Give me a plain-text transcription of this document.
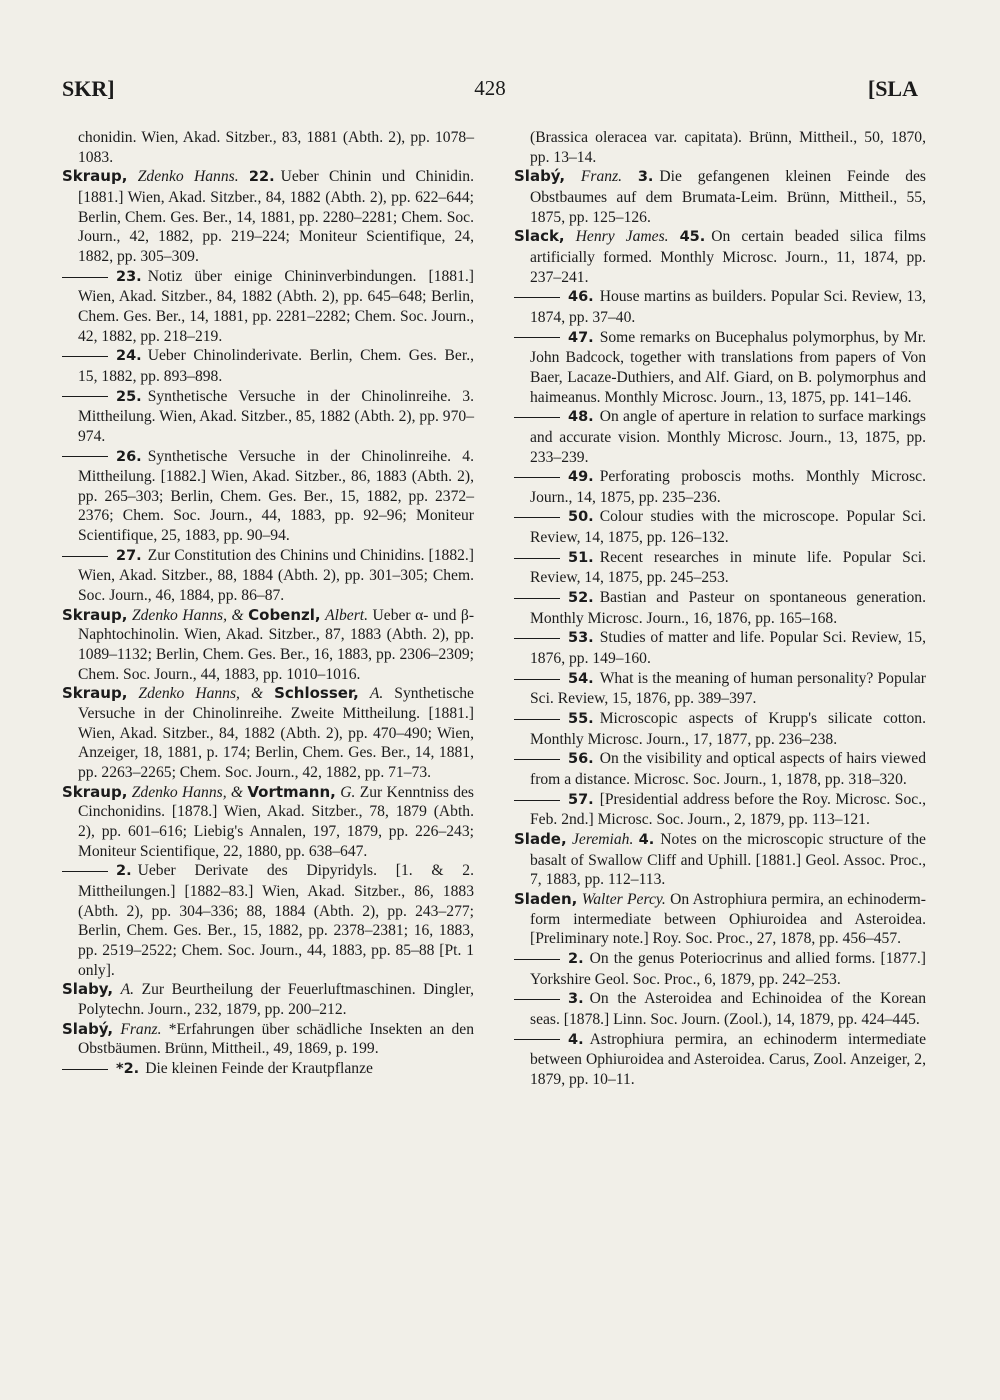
SKR]	428	[SLA

chonidin. Wien, Akad. Sitzber., 83, 1881 (Abth. 2), pp. 1078–1083.

Skraup, Zdenko Hanns. 22. Ueber Chinin und Chinidin. [1881.] Wien, Akad. Sitzber., 84, 1882 (Abth. 2), pp. 622–644; Berlin, Chem. Ges. Ber., 14, 1881, pp. 2280–2281; Chem. Soc. Journ., 42, 1882, pp. 219–224; Moniteur Scientifique, 24, 1882, pp. 305–309.

23. Notiz über einige Chininverbindungen. [1881.] Wien, Akad. Sitzber., 84, 1882 (Abth. 2), pp. 645–648; Berlin, Chem. Ges. Ber., 14, 1881, pp. 2281–2282; Chem. Soc. Journ., 42, 1882, pp. 218–219.

24. Ueber Chinolinderivate. Berlin, Chem. Ges. Ber., 15, 1882, pp. 893–898.

25. Synthetische Versuche in der Chinolinreihe. 3. Mittheilung. Wien, Akad. Sitzber., 85, 1882 (Abth. 2), pp. 970–974.

26. Synthetische Versuche in der Chinolinreihe. 4. Mittheilung. [1882.] Wien, Akad. Sitzber., 86, 1883 (Abth. 2), pp. 265–303; Berlin, Chem. Ges. Ber., 15, 1882, pp. 2372–2376; Chem. Soc. Journ., 44, 1883, pp. 92–96; Moniteur Scientifique, 25, 1883, pp. 90–94.

27. Zur Constitution des Chinins und Chinidins. [1882.] Wien, Akad. Sitzber., 88, 1884 (Abth. 2), pp. 301–305; Chem. Soc. Journ., 46, 1884, pp. 86–87.

Skraup, Zdenko Hanns, & Cobenzl, Albert. Ueber α- und β-Naphtochinolin. Wien, Akad. Sitzber., 87, 1883 (Abth. 2), pp. 1089–1132; Berlin, Chem. Ges. Ber., 16, 1883, pp. 2306–2309; Chem. Soc. Journ., 44, 1883, pp. 1010–1016.

Skraup, Zdenko Hanns, & Schlosser, A. Synthetische Versuche in der Chinolinreihe. Zweite Mittheilung. [1881.] Wien, Akad. Sitzber., 84, 1882 (Abth. 2), pp. 470–490; Wien, Anzeiger, 18, 1881, p. 174; Berlin, Chem. Ges. Ber., 14, 1881, pp. 2263–2265; Chem. Soc. Journ., 42, 1882, pp. 71–73.

Skraup, Zdenko Hanns, & Vortmann, G. Zur Kenntniss des Cinchonidins. [1878.] Wien, Akad. Sitzber., 78, 1879 (Abth. 2), pp. 601–616; Liebig's Annalen, 197, 1879, pp. 226–243; Moniteur Scientifique, 22, 1880, pp. 638–647.

2. Ueber Derivate des Dipyridyls. [1. & 2. Mittheilungen.] [1882–83.] Wien, Akad. Sitzber., 86, 1883 (Abth. 2), pp. 304–336; 88, 1884 (Abth. 2), pp. 243–277; Berlin, Chem. Ges. Ber., 15, 1882, pp. 2378–2381; 16, 1883, pp. 2519–2522; Chem. Soc. Journ., 44, 1883, pp. 85–88 [Pt. 1 only].

Slaby, A. Zur Beurtheilung der Feuerluftmaschinen. Dingler, Polytechn. Journ., 232, 1879, pp. 200–212.

Slabý, Franz. *Erfahrungen über schädliche Insekten an den Obstbäumen. Brünn, Mittheil., 49, 1869, p. 199.

*2. Die kleinen Feinde der Krautpflanze

(Brassica oleracea var. capitata). Brünn, Mittheil., 50, 1870, pp. 13–14.

Slabý, Franz. 3. Die gefangenen kleinen Feinde des Obstbaumes auf dem Brumata-Leim. Brünn, Mittheil., 55, 1875, pp. 125–126.

Slack, Henry James. 45. On certain beaded silica films artificially formed. Monthly Microsc. Journ., 11, 1874, pp. 237–241.

46. House martins as builders. Popular Sci. Review, 13, 1874, pp. 37–40.

47. Some remarks on Bucephalus polymorphus, by Mr. John Badcock, together with translations from papers of Von Baer, Lacaze-Duthiers, and Alf. Giard, on B. polymorphus and haimeanus. Monthly Microsc. Journ., 13, 1875, pp. 141–146.

48. On angle of aperture in relation to surface markings and accurate vision. Monthly Microsc. Journ., 13, 1875, pp. 233–239.

49. Perforating proboscis moths. Monthly Microsc. Journ., 14, 1875, pp. 235–236.

50. Colour studies with the microscope. Popular Sci. Review, 14, 1875, pp. 126–132.

51. Recent researches in minute life. Popular Sci. Review, 14, 1875, pp. 245–253.

52. Bastian and Pasteur on spontaneous generation. Monthly Microsc. Journ., 16, 1876, pp. 165–168.

53. Studies of matter and life. Popular Sci. Review, 15, 1876, pp. 149–160.

54. What is the meaning of human personality? Popular Sci. Review, 15, 1876, pp. 389–397.

55. Microscopic aspects of Krupp's silicate cotton. Monthly Microsc. Journ., 17, 1877, pp. 236–238.

56. On the visibility and optical aspects of hairs viewed from a distance. Microsc. Soc. Journ., 1, 1878, pp. 318–320.

57. [Presidential address before the Roy. Microsc. Soc., Feb. 2nd.] Microsc. Soc. Journ., 2, 1879, pp. 113–121.

Slade, Jeremiah. 4. Notes on the microscopic structure of the basalt of Swallow Cliff and Uphill. [1881.] Geol. Assoc. Proc., 7, 1883, pp. 112–113.

Sladen, Walter Percy. On Astrophiura permira, an echinoderm-form intermediate between Ophiuroidea and Asteroidea. [Preliminary note.] Roy. Soc. Proc., 27, 1878, pp. 456–457.

2. On the genus Poteriocrinus and allied forms. [1877.] Yorkshire Geol. Soc. Proc., 6, 1879, pp. 242–253.

3. On the Asteroidea and Echinoidea of the Korean seas. [1878.] Linn. Soc. Journ. (Zool.), 14, 1879, pp. 424–445.

4. Astrophiura permira, an echinoderm intermediate between Ophiuroidea and Asteroidea. Carus, Zool. Anzeiger, 2, 1879, pp. 10–11.
